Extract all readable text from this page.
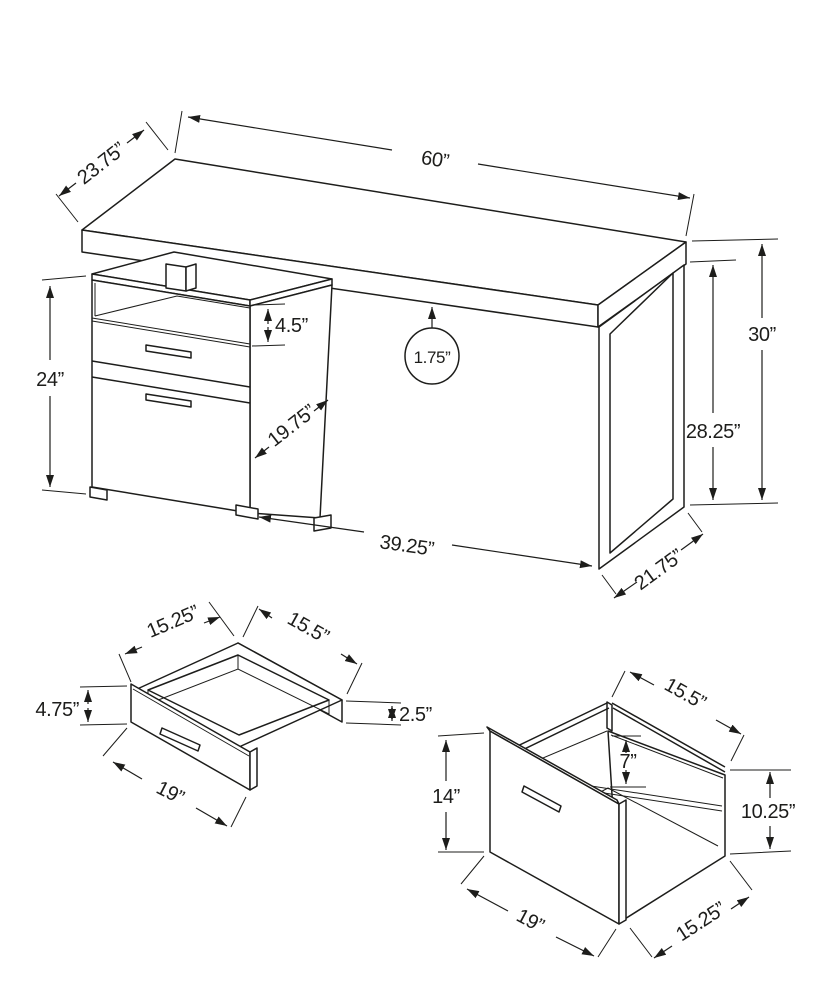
23.75”	60”
30”
28.25”
1.75”
24”
4.5”
19.75”
39.25”	21.75”
15.25”	15.5”
4.75”	2.5”
19”
7”
14”
15.5”
10.25”
19”	15.25”
